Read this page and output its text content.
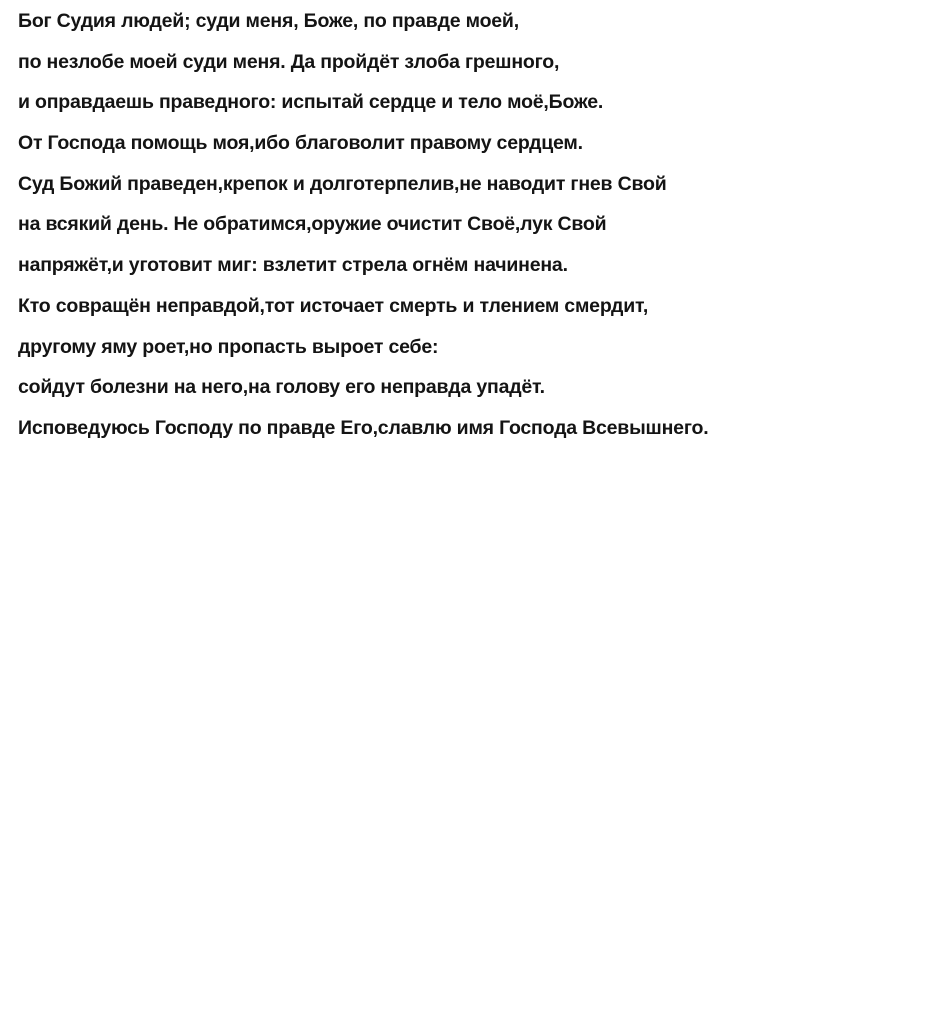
Бог Судия людей; суди меня, Боже, по правде моей,
по незлобе моей суди меня. Да пройдёт злоба грешного,
и оправдаешь праведного: испытай сердце и тело моё,Боже.
От Господа помощь моя,ибо благоволит правому сердцем.
Суд Божий праведен,крепок и долготерпелив,не наводит гнев Свой
на всякий день. Не обратимся,оружие очистит Своё,лук Свой
напряжёт,и уготовит миг: взлетит стрела огнём начинена.
Кто совращён неправдой,тот источает смерть и тлением смердит,
другому яму роет,но пропасть выроет себе:
сойдут болезни на него,на голову его неправда упадёт.
Исповедуюсь Господу по правде Его,славлю имя Господа Всевышнего.
